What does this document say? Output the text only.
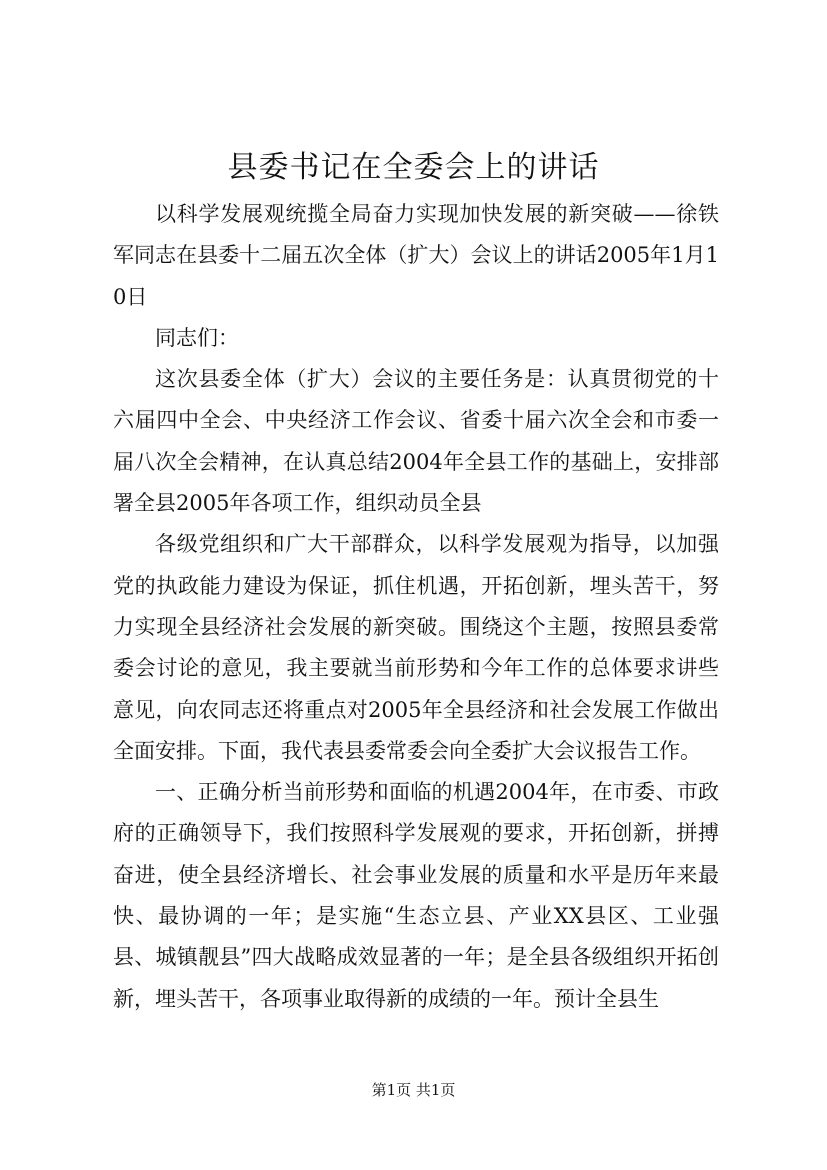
县委书记在全委会上的讲话

以科学发展观统揽全局奋力实现加快发展的新突破——徐铁军同志在县委十二届五次全体（扩大）会议上的讲话2005年1月10日

同志们：

这次县委全体（扩大）会议的主要任务是：认真贯彻党的十六届四中全会、中央经济工作会议、省委十届六次全会和市委一届八次全会精神，在认真总结2004年全县工作的基础上，安排部署全县2005年各项工作，组织动员全县

各级党组织和广大干部群众，以科学发展观为指导，以加强党的执政能力建设为保证，抓住机遇，开拓创新，埋头苦干，努力实现全县经济社会发展的新突破。围绕这个主题，按照县委常委会讨论的意见，我主要就当前形势和今年工作的总体要求讲些意见，向农同志还将重点对2005年全县经济和社会发展工作做出全面安排。下面，我代表县委常委会向全委扩大会议报告工作。

一、正确分析当前形势和面临的机遇2004年，在市委、市政府的正确领导下，我们按照科学发展观的要求，开拓创新，拼搏奋进，使全县经济增长、社会事业发展的质量和水平是历年来最快、最协调的一年；是实施“生态立县、产业XX县区、工业强县、城镇靓县”四大战略成效显著的一年；是全县各级组织开拓创新，埋头苦干，各项事业取得新的成绩的一年。预计全县生

第1页 共1页
